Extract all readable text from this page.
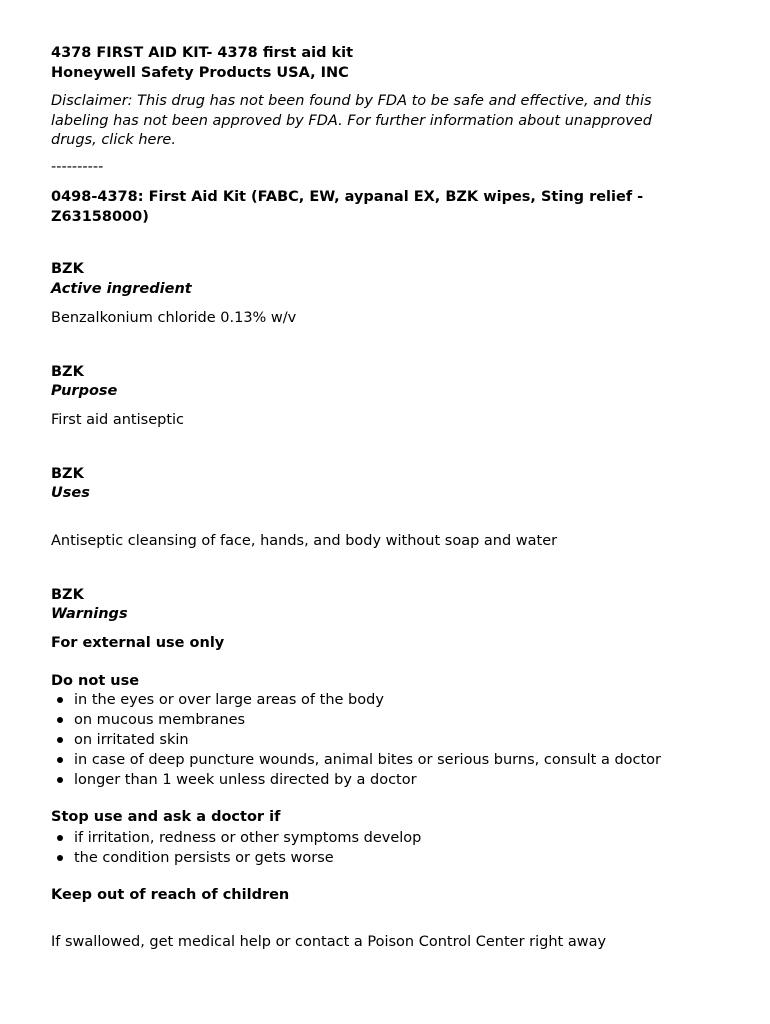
4378 FIRST AID KIT- 4378 first aid kit

Honeywell Safety Products USA, INC

Disclaimer: This drug has not been found by FDA to be safe and effective, and this labeling has not been approved by FDA. For further information about unapproved drugs, click here.

----------

0498-4378: First Aid Kit (FABC, EW, aypanal EX, BZK wipes, Sting relief - Z63158000)

BZK

Active ingredient

Benzalkonium chloride 0.13% w/v

BZK

Purpose

First aid antiseptic

BZK

Uses

Antiseptic cleansing of face, hands, and body without soap and water

BZK

Warnings

For external use only

Do not use

in the eyes or over large areas of the body
on mucous membranes
on irritated skin
in case of deep puncture wounds, animal bites or serious burns, consult a doctor
longer than 1 week unless directed by a doctor

Stop use and ask a doctor if

if irritation, redness or other symptoms develop
the condition persists or gets worse

Keep out of reach of children

If swallowed, get medical help or contact a Poison Control Center right away
